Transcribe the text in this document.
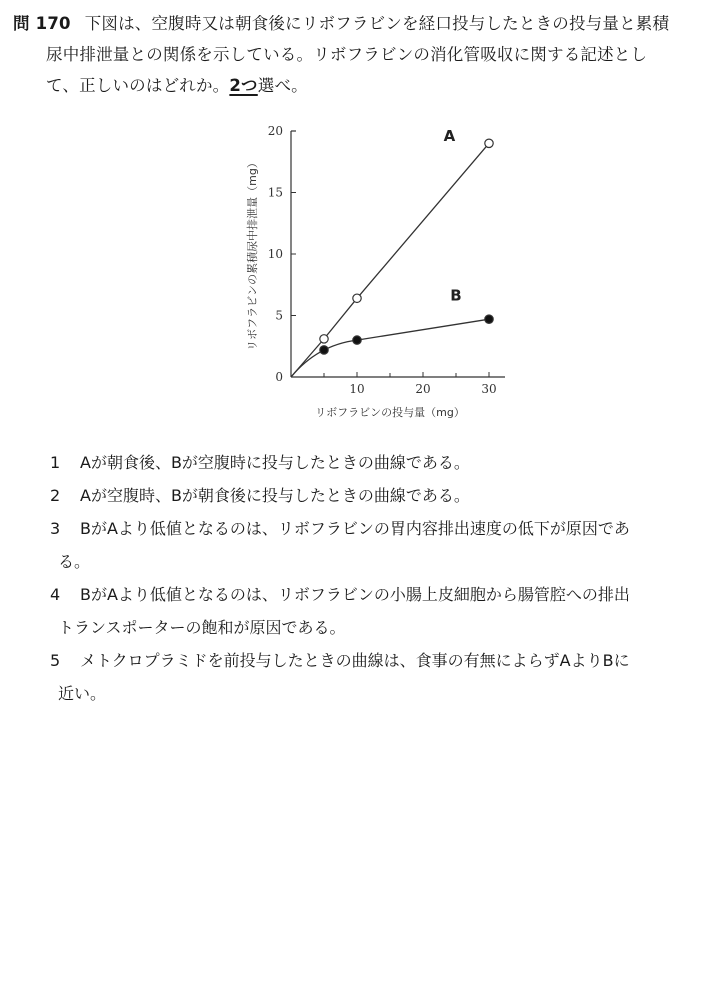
問 170 下図は、空腹時又は朝食後にリボフラビンを経口投与したときの投与量と累積
尿中排泄量との関係を示している。リボフラビンの消化管吸収に関する記述とし
て、正しいのはどれか。2つ選べ。
0
5
10
15
20
10	20	30
リボフラビンの投与量（mg）
リボフラビンの累積尿中排泄量（mg）
A
B
1 Aが朝食後、Bが空腹時に投与したときの曲線である。
2 Aが空腹時、Bが朝食後に投与したときの曲線である。
3 BがAより低値となるのは、リボフラビンの胃内容排出速度の低下が原因であ
る。
4 BがAより低値となるのは、リボフラビンの小腸上皮細胞から腸管腔への排出
トランスポーターの飽和が原因である。
5 メトクロプラミドを前投与したときの曲線は、食事の有無によらずAよりBに
近い。
